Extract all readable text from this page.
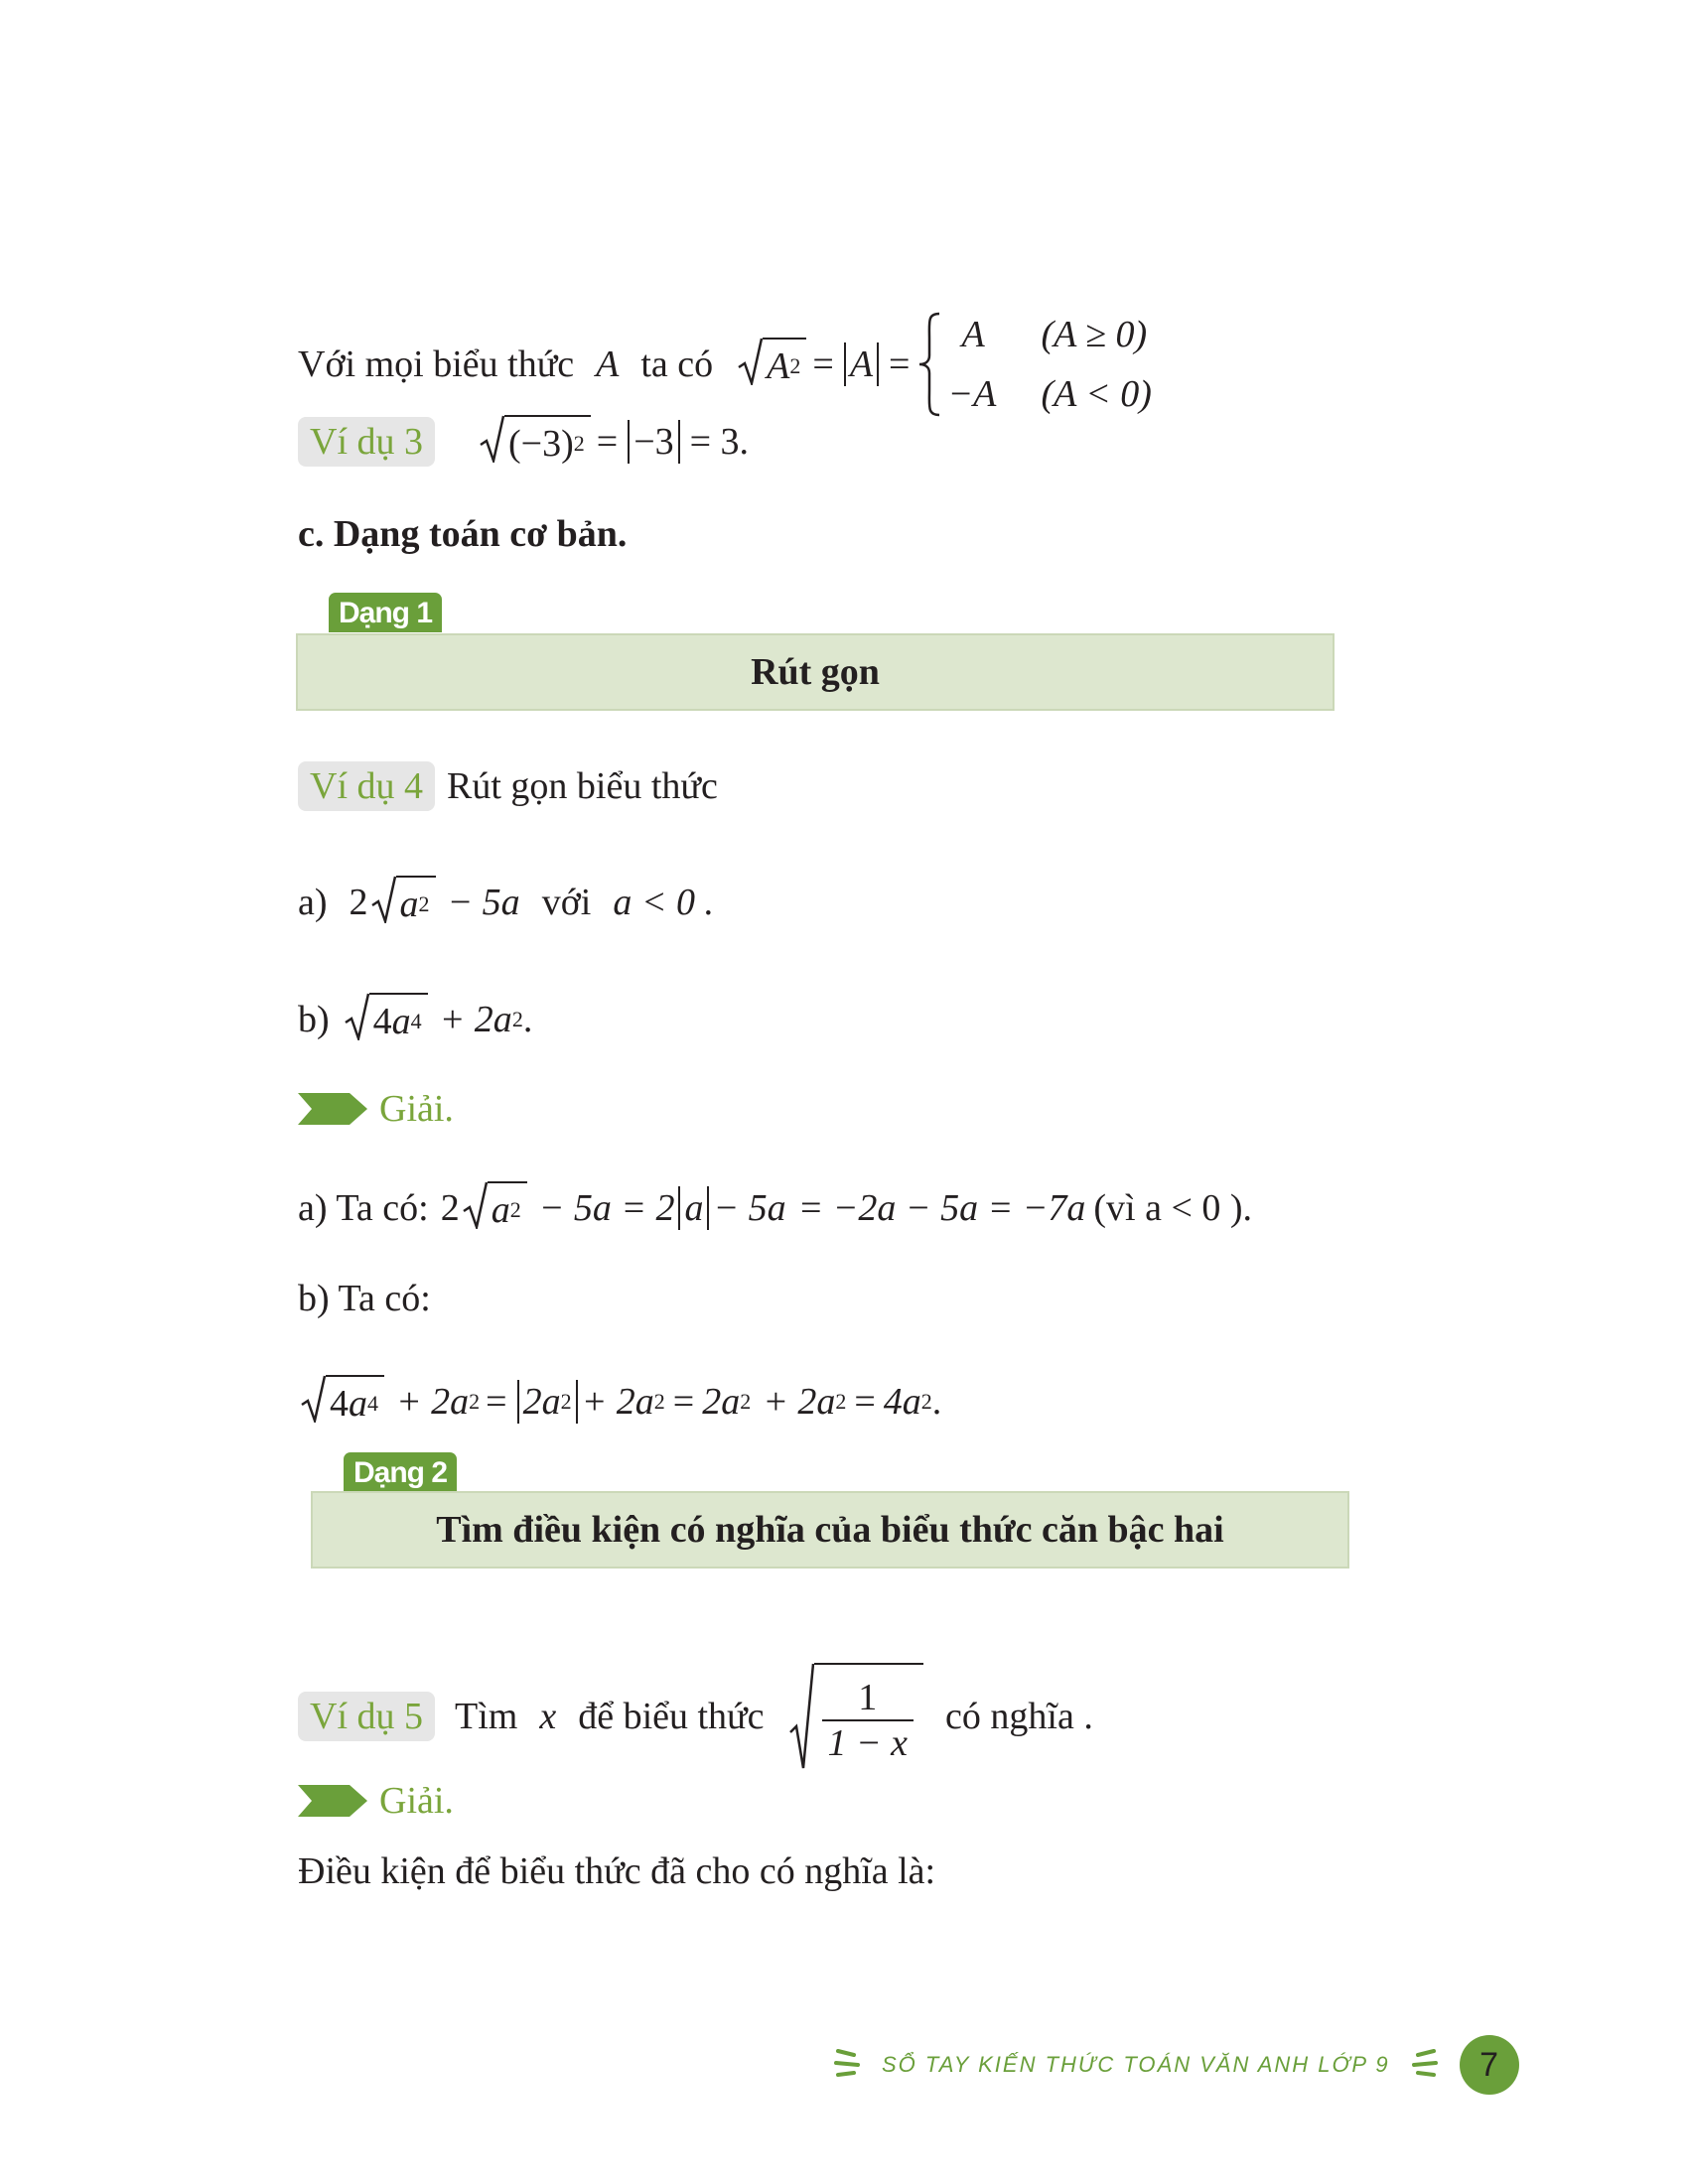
Với mọi biểu thức A ta có A 2 = A =
A (A ≥ 0)
−A (A < 0)
Ví dụ 3	(−3) 2 = −3 = 3.
c. Dạng toán cơ bản.
Dạng 1
Rút gọn
Ví dụ 4 Rút gọn biểu thức
a) 2 a 2 − 5a với a < 0 .
b) 4 a 4 + 2a 2 .
Giải.
a) Ta có: 2 a 2 − 5a = 2 a − 5a = −2a − 5a = −7a (vì a < 0 ).
b) Ta có:
4 a 4 + 2a 2 = 2a 2 + 2a 2 = 2a 2 + 2a 2 = 4a 2 .
Dạng 2
Tìm điều kiện có nghĩa của biểu thức căn bậc hai
Ví dụ 5 Tìm x để biểu thức $\frac{1}{1 - x}$ có nghĩa .
Giải.
Điều kiện để biểu thức đã cho có nghĩa là:
SỔ TAY KIẾN THỨC TOÁN VĂN ANH LỚP 9	7
